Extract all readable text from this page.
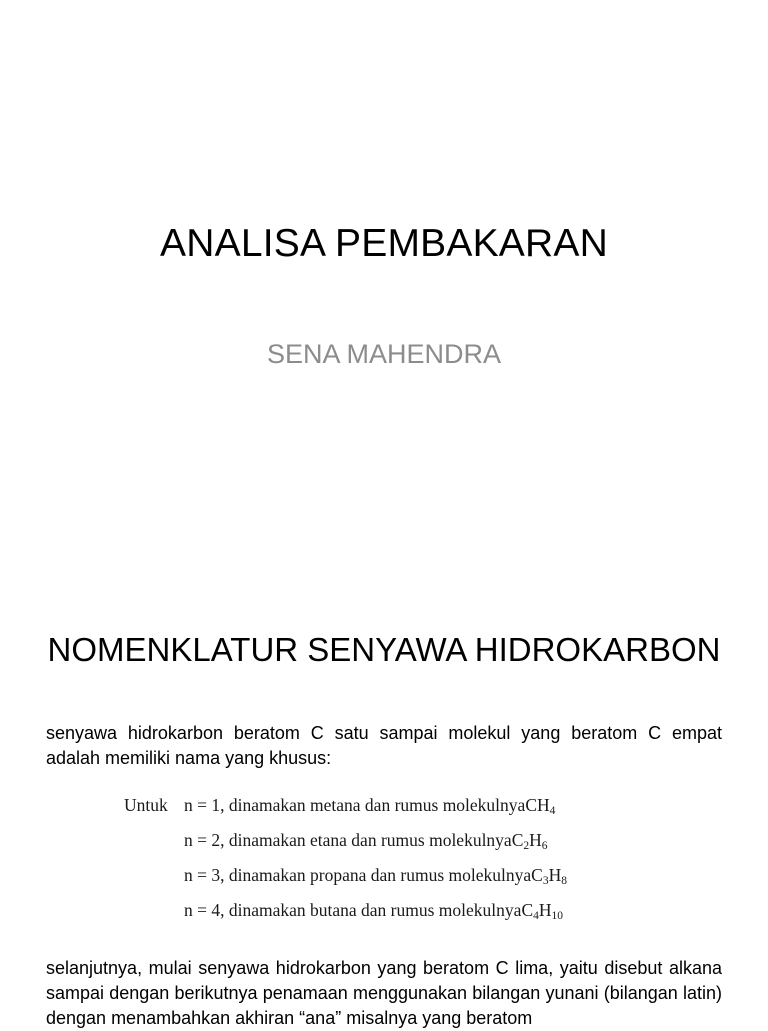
ANALISA PEMBAKARAN
SENA MAHENDRA
NOMENKLATUR SENYAWA HIDROKARBON
senyawa hidrokarbon beratom C satu sampai molekul yang beratom C empat adalah memiliki nama yang khusus:
Untuk n = 1, dinamakan metana dan rumus molekulnyaCH$_4$
n = 2, dinamakan etana dan rumus $molekulnyaC_2H_6$
n = 3, dinamakan propana dan rumus $molekulnyaC_3H_8$
n = 4, dinamakan butana dan rumus $molekulnyaC_4H_{10}$
selanjutnya, mulai senyawa hidrokarbon yang beratom C lima, yaitu disebut alkana sampai dengan berikutnya penamaan menggunakan bilangan yunani (bilangan latin) dengan menambahkan akhiran “ana” misalnya yang beratom
